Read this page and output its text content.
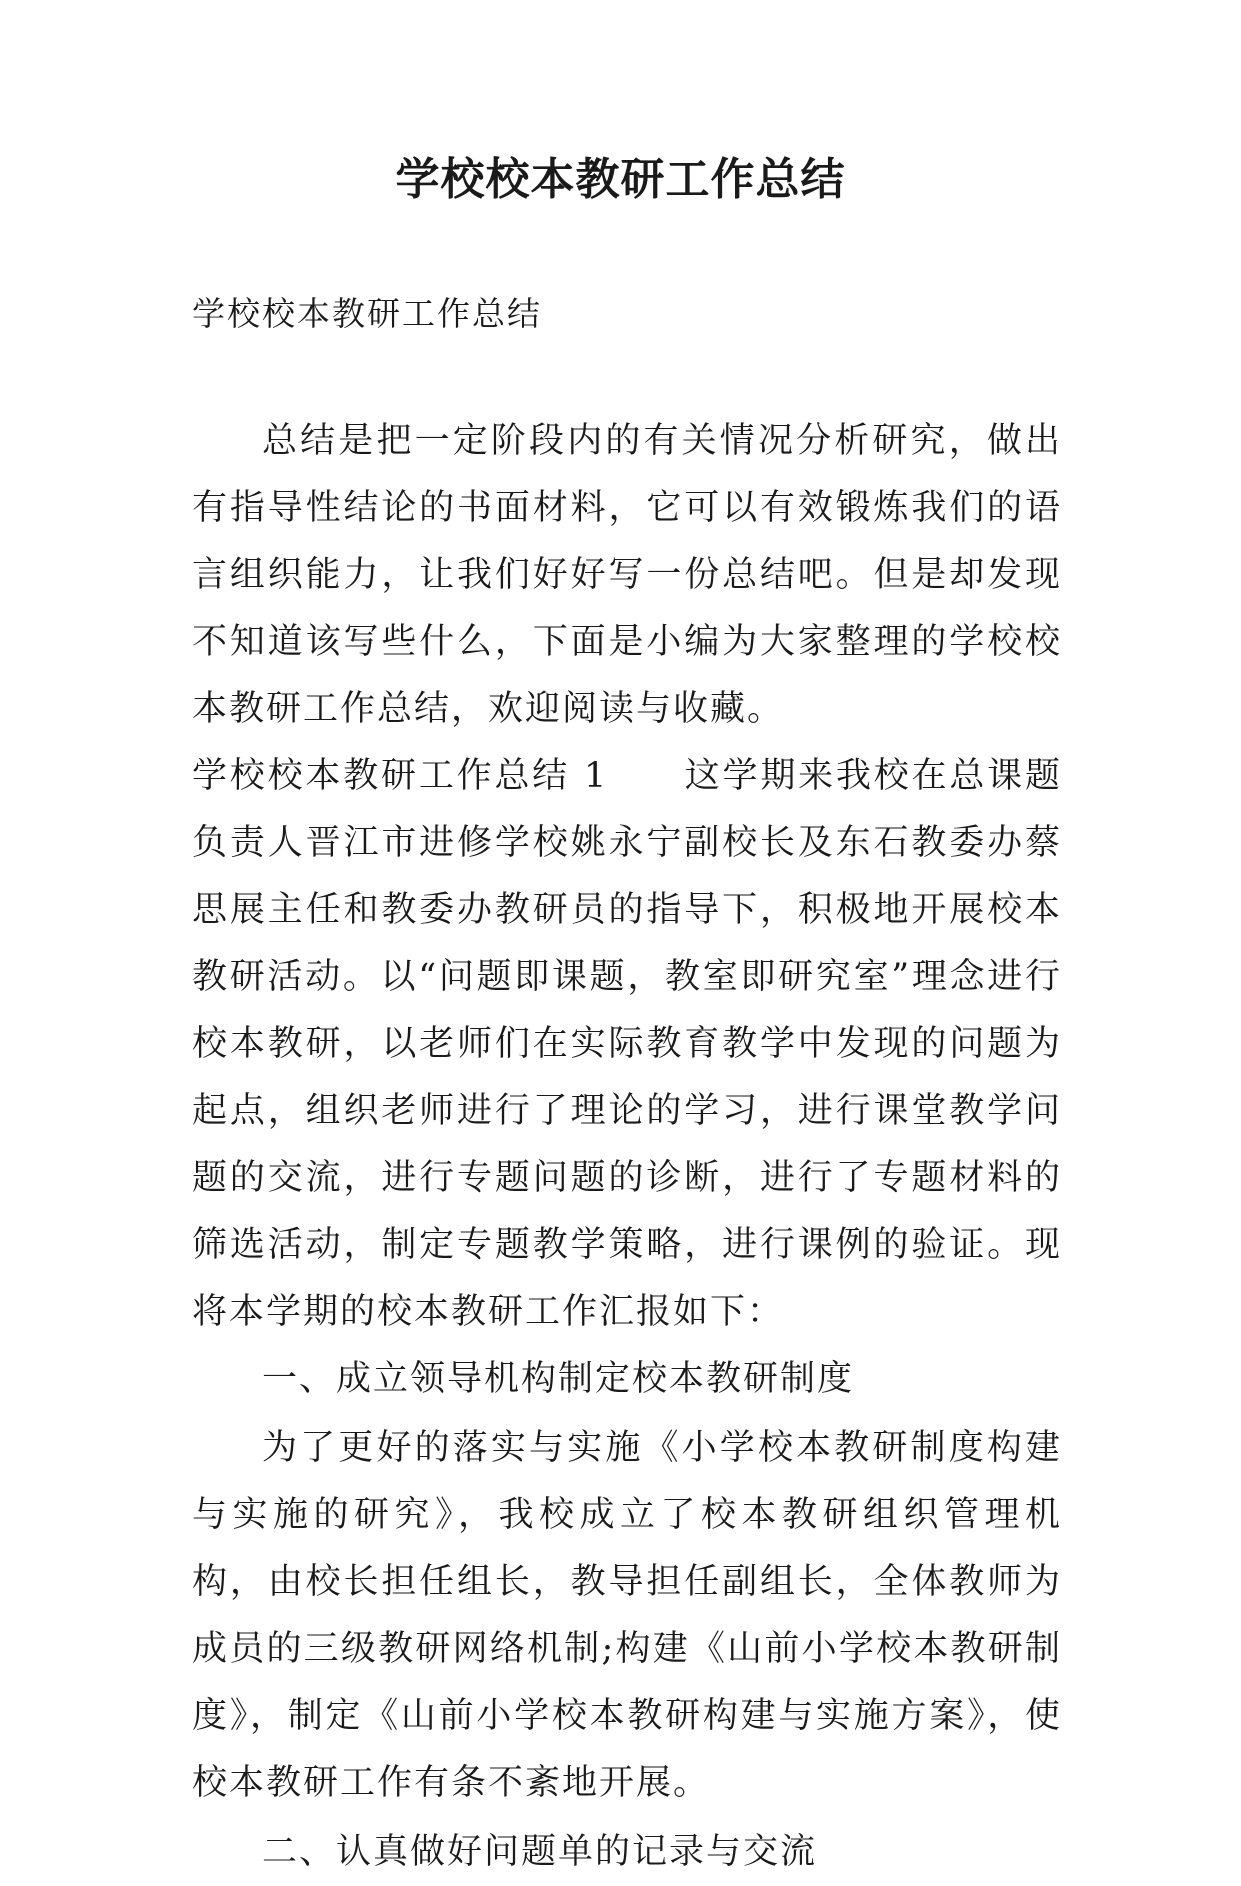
学校校本教研工作总结
学校校本教研工作总结

总结是把一定阶段内的有关情况分析研究，做出有指导性结论的书面材料，它可以有效锻炼我们的语言组织能力，让我们好好写一份总结吧。但是却发现不知道该写些什么，下面是小编为大家整理的学校校本教研工作总结，欢迎阅读与收藏。

学校校本教研工作总结 1　　这学期来我校在总课题负责人晋江市进修学校姚永宁副校长及东石教委办蔡思展主任和教委办教研员的指导下，积极地开展校本教研活动。以“问题即课题，教室即研究室”理念进行校本教研，以老师们在实际教育教学中发现的问题为起点，组织老师进行了理论的学习，进行课堂教学问题的交流，进行专题问题的诊断，进行了专题材料的筛选活动，制定专题教学策略，进行课例的验证。现将本学期的校本教研工作汇报如下：

一、成立领导机构制定校本教研制度

为了更好的落实与实施《小学校本教研制度构建与实施的研究》，我校成立了校本教研组织管理机构，由校长担任组长，教导担任副组长，全体教师为成员的三级教研网络机制;构建《山前小学校本教研制度》，制定《山前小学校本教研构建与实施方案》，使校本教研工作有条不紊地开展。

二、认真做好问题单的记录与交流
